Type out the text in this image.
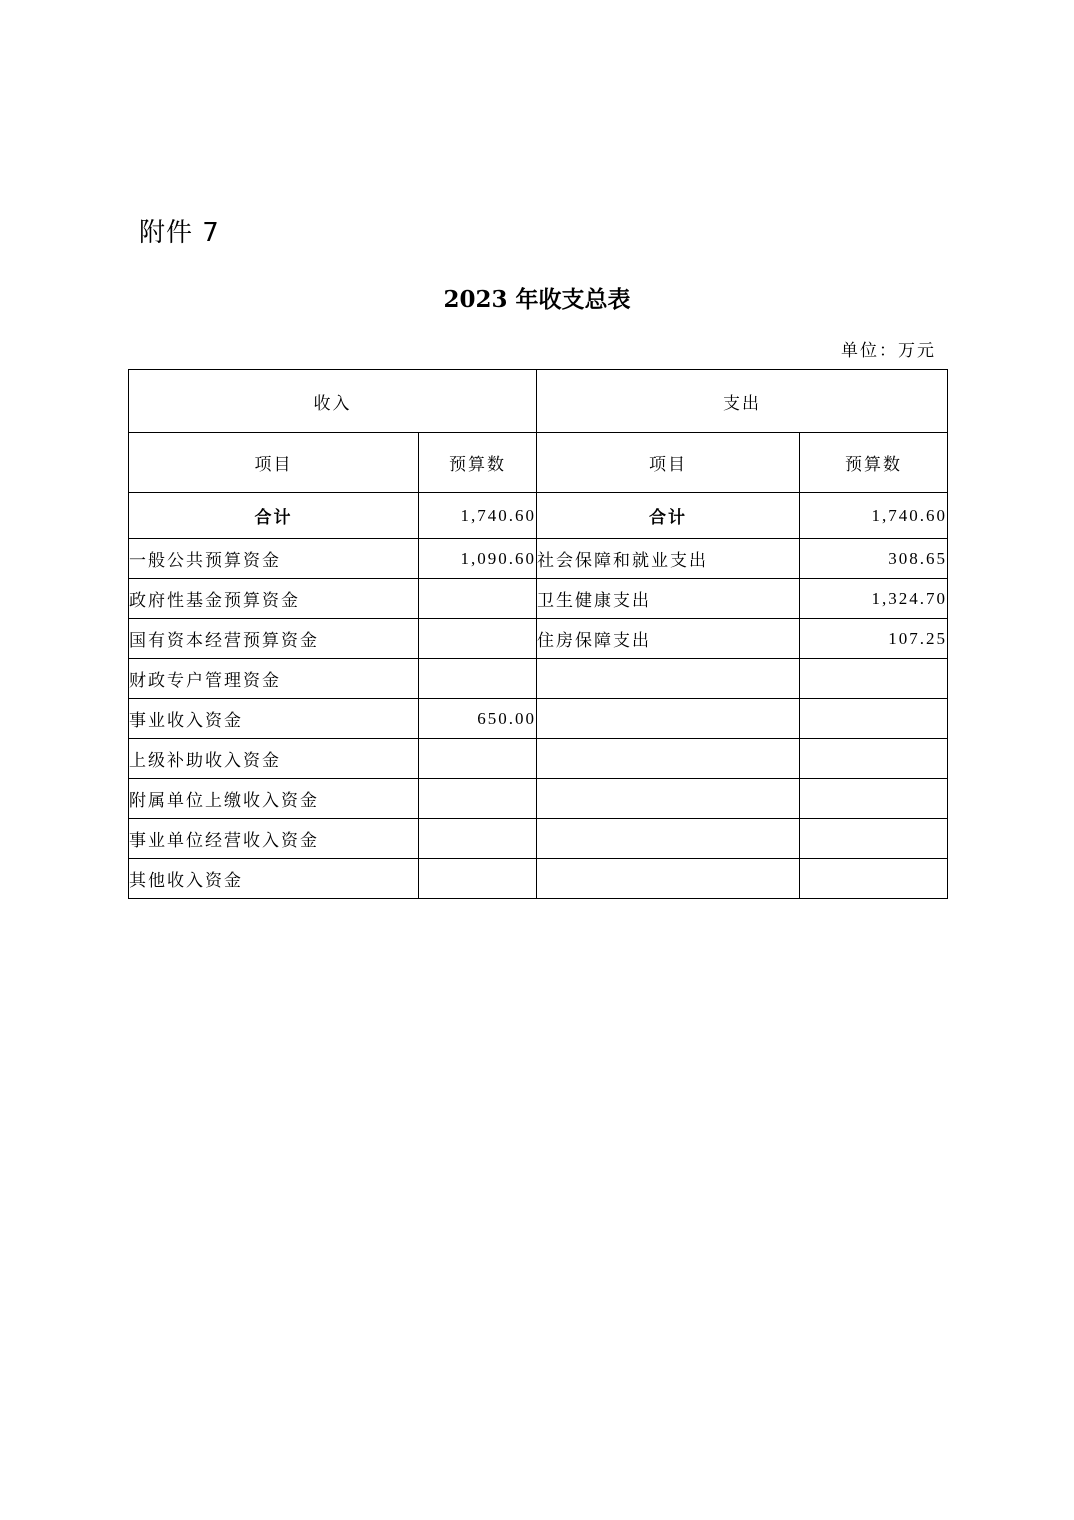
附件 7
2023 年收支总表
单位：万元
收入		支出	
项目	预算数	项目	预算数
合计	1,740.60	合计	1,740.60
一般公共预算资金	1,090.60	社会保障和就业支出	308.65
政府性基金预算资金		卫生健康支出	1,324.70
国有资本经营预算资金		住房保障支出	107.25
财政专户管理资金			
事业收入资金	650.00		
上级补助收入资金			
附属单位上缴收入资金			
事业单位经营收入资金			
其他收入资金			
